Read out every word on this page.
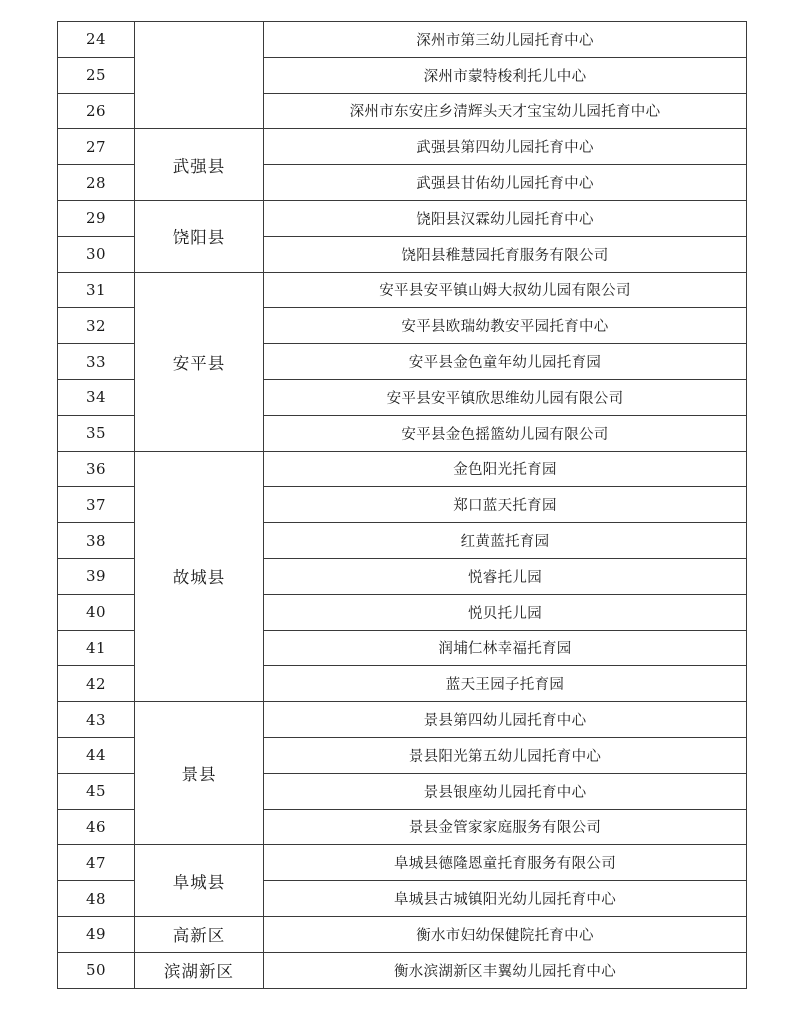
24		深州市第三幼儿园托育中心
25		深州市蒙特梭利托儿中心
26		深州市东安庄乡清辉头天才宝宝幼儿园托育中心
27	武强县	武强县第四幼儿园托育中心
28		武强县甘佑幼儿园托育中心
29	饶阳县	饶阳县汉霖幼儿园托育中心
30		饶阳县稚慧园托育服务有限公司
31	安平县	安平县安平镇山姆大叔幼儿园有限公司
32		安平县欧瑞幼教安平园托育中心
33		安平县金色童年幼儿园托育园
34		安平县安平镇欣思维幼儿园有限公司
35		安平县金色摇篮幼儿园有限公司
36	故城县	金色阳光托育园
37		郑口蓝天托育园
38		红黄蓝托育园
39		悦睿托儿园
40		悦贝托儿园
41		润埔仁林幸福托育园
42		蓝天王园子托育园
43	景县	景县第四幼儿园托育中心
44		景县阳光第五幼儿园托育中心
45		景县银座幼儿园托育中心
46		景县金管家家庭服务有限公司
47	阜城县	阜城县德隆恩童托育服务有限公司
48		阜城县古城镇阳光幼儿园托育中心
49	高新区	衡水市妇幼保健院托育中心
50	滨湖新区	衡水滨湖新区丰翼幼儿园托育中心
